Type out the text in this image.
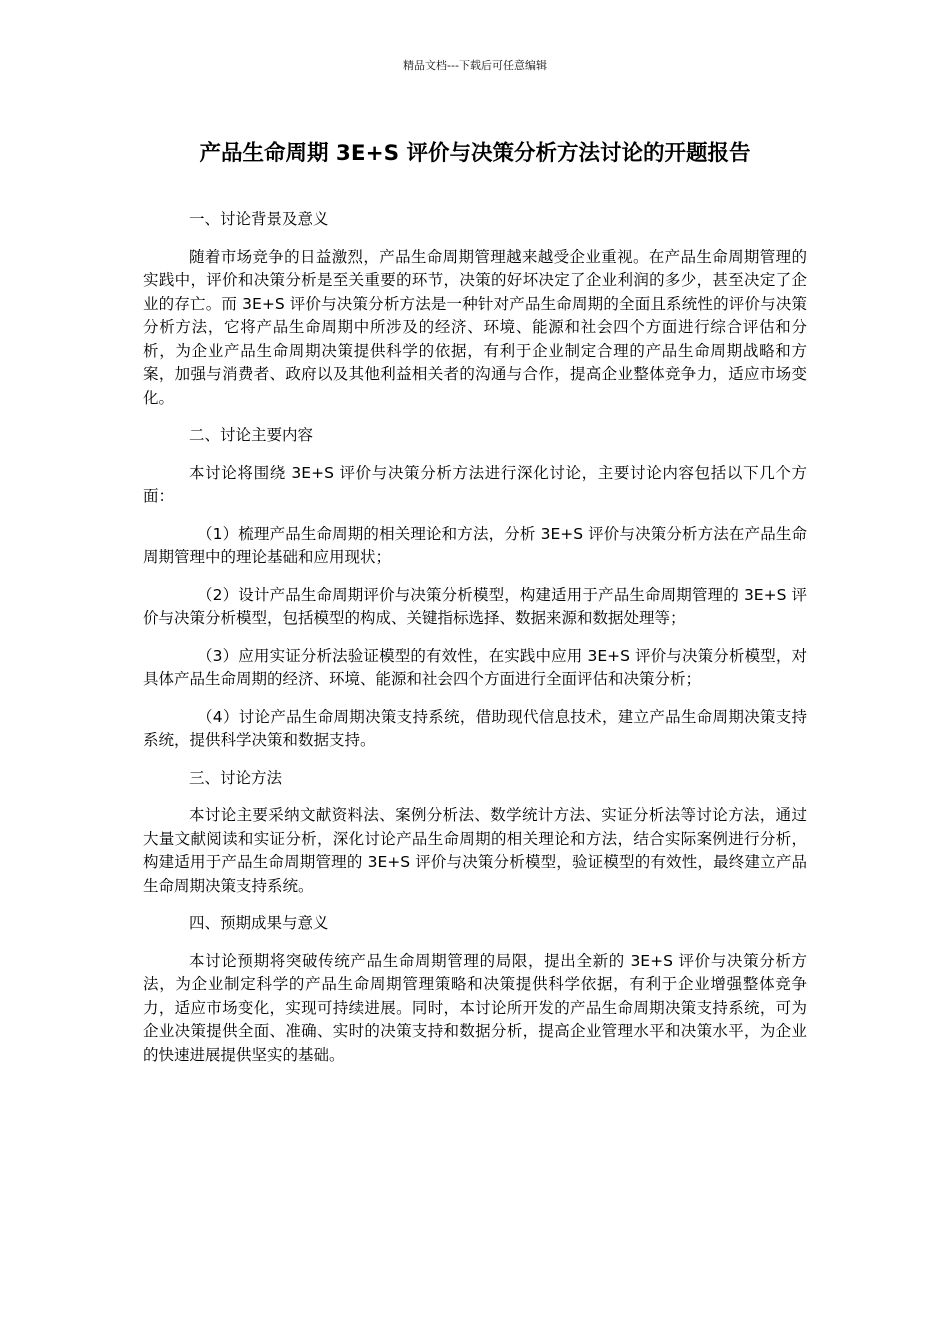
精品文档---下载后可任意编辑
产品生命周期 3E+S 评价与决策分析方法讨论的开题报告

一、讨论背景及意义

随着市场竞争的日益激烈，产品生命周期管理越来越受企业重视。在产品生命周期管理的实践中，评价和决策分析是至关重要的环节，决策的好坏决定了企业利润的多少，甚至决定了企业的存亡。而 3E+S 评价与决策分析方法是一种针对产品生命周期的全面且系统性的评价与决策分析方法，它将产品生命周期中所涉及的经济、环境、能源和社会四个方面进行综合评估和分析，为企业产品生命周期决策提供科学的依据，有利于企业制定合理的产品生命周期战略和方案，加强与消费者、政府以及其他利益相关者的沟通与合作，提高企业整体竞争力，适应市场变化。

二、讨论主要内容

本讨论将围绕 3E+S 评价与决策分析方法进行深化讨论，主要讨论内容包括以下几个方面：

（1）梳理产品生命周期的相关理论和方法，分析 3E+S 评价与决策分析方法在产品生命周期管理中的理论基础和应用现状；

（2）设计产品生命周期评价与决策分析模型，构建适用于产品生命周期管理的 3E+S 评价与决策分析模型，包括模型的构成、关键指标选择、数据来源和数据处理等；

（3）应用实证分析法验证模型的有效性，在实践中应用 3E+S 评价与决策分析模型，对具体产品生命周期的经济、环境、能源和社会四个方面进行全面评估和决策分析；

（4）讨论产品生命周期决策支持系统，借助现代信息技术，建立产品生命周期决策支持系统，提供科学决策和数据支持。

三、讨论方法

本讨论主要采纳文献资料法、案例分析法、数学统计方法、实证分析法等讨论方法，通过大量文献阅读和实证分析，深化讨论产品生命周期的相关理论和方法，结合实际案例进行分析，构建适用于产品生命周期管理的 3E+S 评价与决策分析模型，验证模型的有效性，最终建立产品生命周期决策支持系统。

四、预期成果与意义

本讨论预期将突破传统产品生命周期管理的局限，提出全新的 3E+S 评价与决策分析方法，为企业制定科学的产品生命周期管理策略和决策提供科学依据，有利于企业增强整体竞争力，适应市场变化，实现可持续进展。同时，本讨论所开发的产品生命周期决策支持系统，可为企业决策提供全面、准确、实时的决策支持和数据分析，提高企业管理水平和决策水平，为企业的快速进展提供坚实的基础。
